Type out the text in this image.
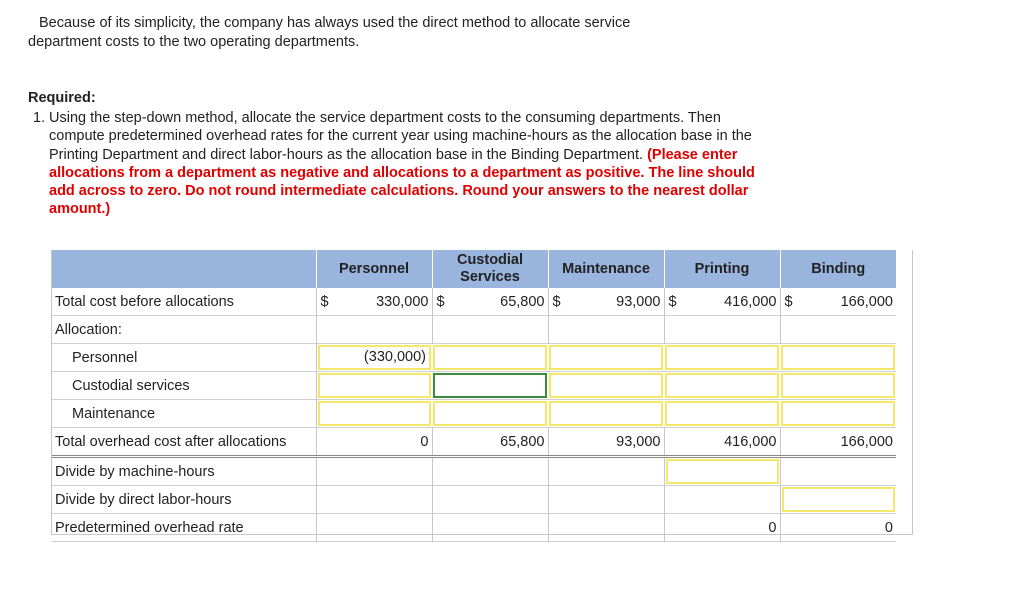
Because of its simplicity, the company has always used the direct method to allocate service
department costs to the two operating departments.
Required:
1. Using the step-down method, allocate the service department costs to the consuming departments. Then compute predetermined overhead rates for the current year using machine-hours as the allocation base in the Printing Department and direct labor-hours as the allocation base in the Binding Department. (Please enter allocations from a department as negative and allocations to a department as positive. The line should add across to zero. Do not round intermediate calculations. Round your answers to the nearest dollar amount.)
	Personnel		Custodial Services		Maintenance		Printing		Binding	
Total cost before allocations	$	330,000	$	65,800	$	93,000	$	416,000	$	166,000
Allocation:										
Personnel	(330,000)									

Custodial services						

Maintenance						

Total overhead cost after allocations	0		65,800		93,000		416,000		166,000	
Divide by machine-hours									

Divide by direct labor-hours										

Predetermined overhead rate							0		0	
